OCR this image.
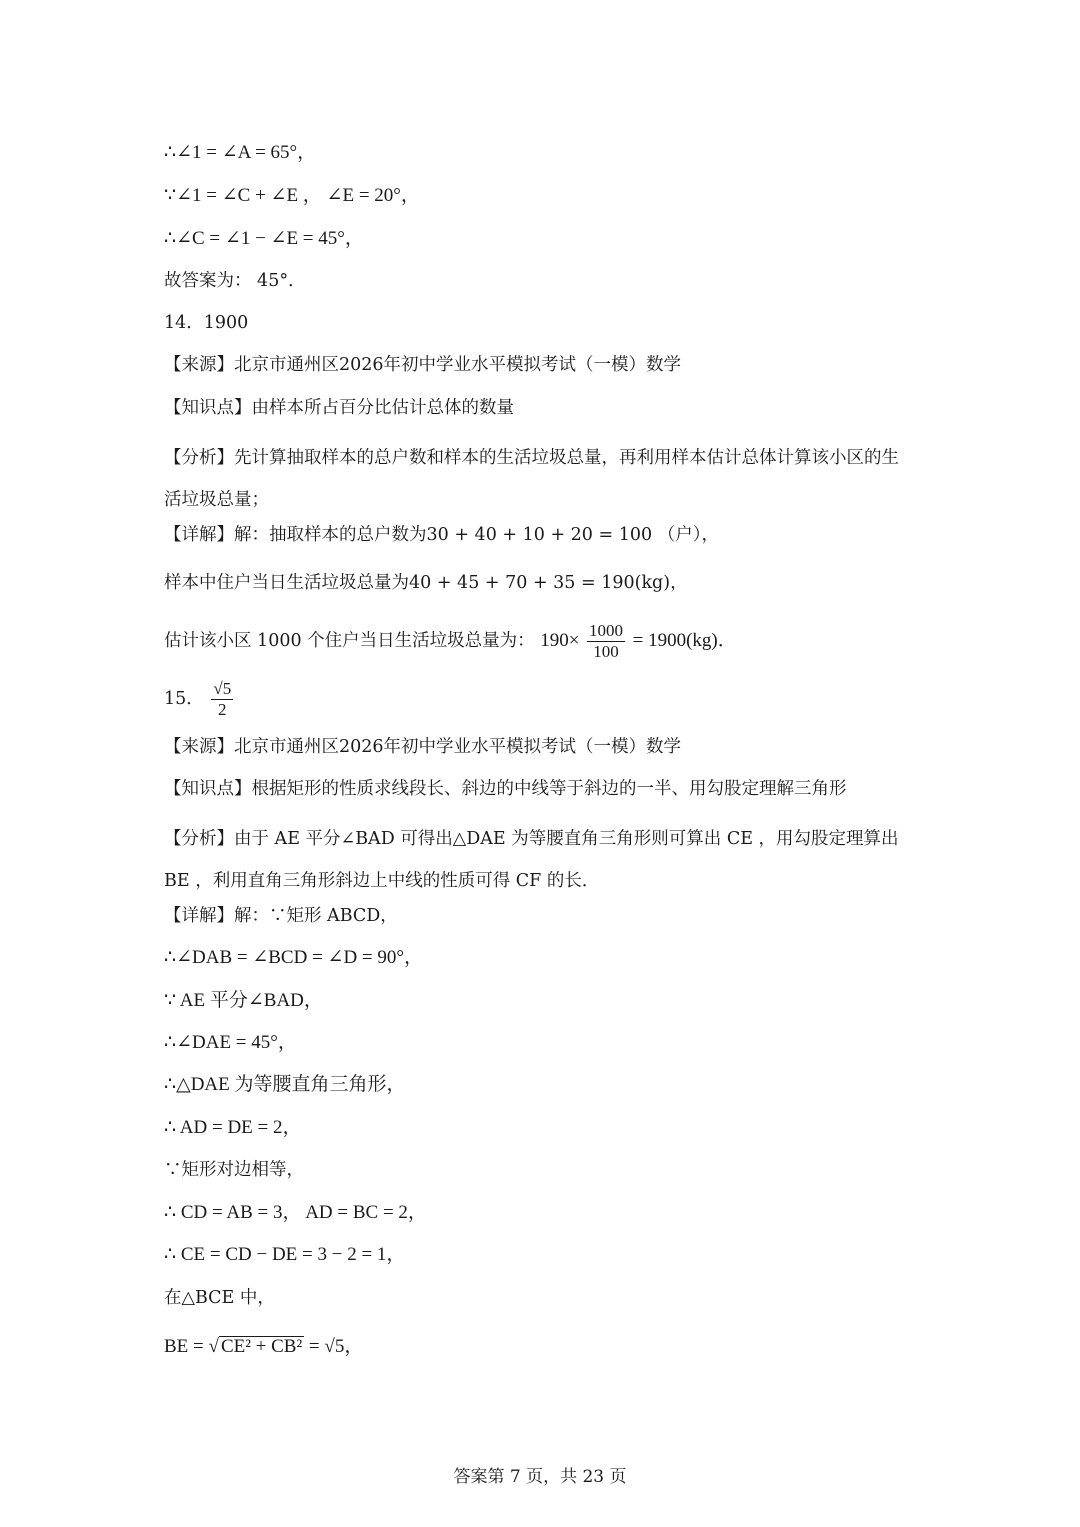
∴∠1 = ∠A = 65°，
∵∠1 = ∠C + ∠E ， ∠E = 20°，
∴∠C = ∠1 − ∠E = 45°，
故答案为： 45°．
14．1900
【来源】北京市通州区2026年初中学业水平模拟考试（一模）数学
【知识点】由样本所占百分比估计总体的数量
【分析】先计算抽取样本的总户数和样本的生活垃圾总量，再利用样本估计总体计算该小区的生活垃圾总量；
【详解】解：抽取样本的总户数为30 + 40 + 10 + 20 = 100 （户），
样本中住户当日生活垃圾总量为40 + 45 + 70 + 35 = 190(kg)，
估计该小区 1000 个住户当日生活垃圾总量为： $190\times \frac{1000}{100} = 1900(kg)$．
15． $\frac{√5}{2}$
【来源】北京市通州区2026年初中学业水平模拟考试（一模）数学
【知识点】根据矩形的性质求线段长、斜边的中线等于斜边的一半、用勾股定理解三角形
【分析】由于 AE 平分∠BAD 可得出△DAE 为等腰直角三角形则可算出 CE ，用勾股定理算出 BE ，利用直角三角形斜边上中线的性质可得 CF 的长．
【详解】解：∵矩形 ABCD，
∴∠DAB = ∠BCD = ∠D = 90°，
∵ AE 平分∠BAD，
∴∠DAE = 45°，
∴△DAE 为等腰直角三角形，
∴ AD = DE = 2，
∵矩形对边相等，
∴ CD = AB = 3， AD = BC = 2，
∴ CE = CD − DE = 3 − 2 = 1，
在△BCE 中，
BE = √ CE² + CB² = √5，
答案第 7 页，共 23 页
